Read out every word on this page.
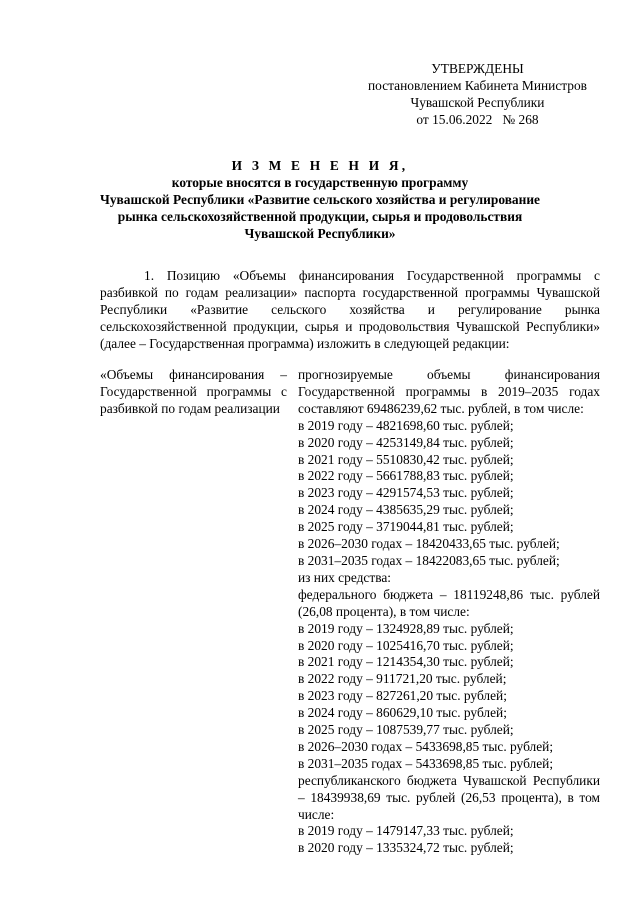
УТВЕРЖДЕНЫ
постановлением Кабинета Министров
Чувашской Республики
от 15.06.2022   № 268
И З М Е Н Е Н И Я,
которые вносятся в государственную программу
Чувашской Республики «Развитие сельского хозяйства и регулирование
рынка сельскохозяйственной продукции, сырья и продовольствия
Чувашской Республики»

1. Позицию «Объемы финансирования Государственной программы с разбивкой по годам реализации» паспорта государственной программы Чувашской Республики «Развитие сельского хозяйства и регулирование рынка сельскохозяйственной продукции, сырья и продовольствия Чувашской Республики» (далее – Государственная программа) изложить в следующей редакции:

«Объемы финансирования – Государственной программы с разбивкой по годам реализации

прогнозируемые объемы финансирования Государственной программы в 2019–2035 годах составляют 69486239,62 тыс. рублей, в том числе:
в 2019 году – 4821698,60 тыс. рублей;
в 2020 году – 4253149,84 тыс. рублей;
в 2021 году – 5510830,42 тыс. рублей;
в 2022 году – 5661788,83 тыс. рублей;
в 2023 году – 4291574,53 тыс. рублей;
в 2024 году – 4385635,29 тыс. рублей;
в 2025 году – 3719044,81 тыс. рублей;
в 2026–2030 годах – 18420433,65 тыс. рублей;
в 2031–2035 годах – 18422083,65 тыс. рублей;
из них средства:
федерального бюджета – 18119248,86 тыс. рублей (26,08 процента), в том числе:
в 2019 году – 1324928,89 тыс. рублей;
в 2020 году – 1025416,70 тыс. рублей;
в 2021 году – 1214354,30 тыс. рублей;
в 2022 году – 911721,20 тыс. рублей;
в 2023 году – 827261,20 тыс. рублей;
в 2024 году – 860629,10 тыс. рублей;
в 2025 году – 1087539,77 тыс. рублей;
в 2026–2030 годах – 5433698,85 тыс. рублей;
в 2031–2035 годах – 5433698,85 тыс. рублей;
республиканского бюджета Чувашской Республики – 18439938,69 тыс. рублей (26,53 процента), в том числе:
в 2019 году – 1479147,33 тыс. рублей;
в 2020 году – 1335324,72 тыс. рублей;
